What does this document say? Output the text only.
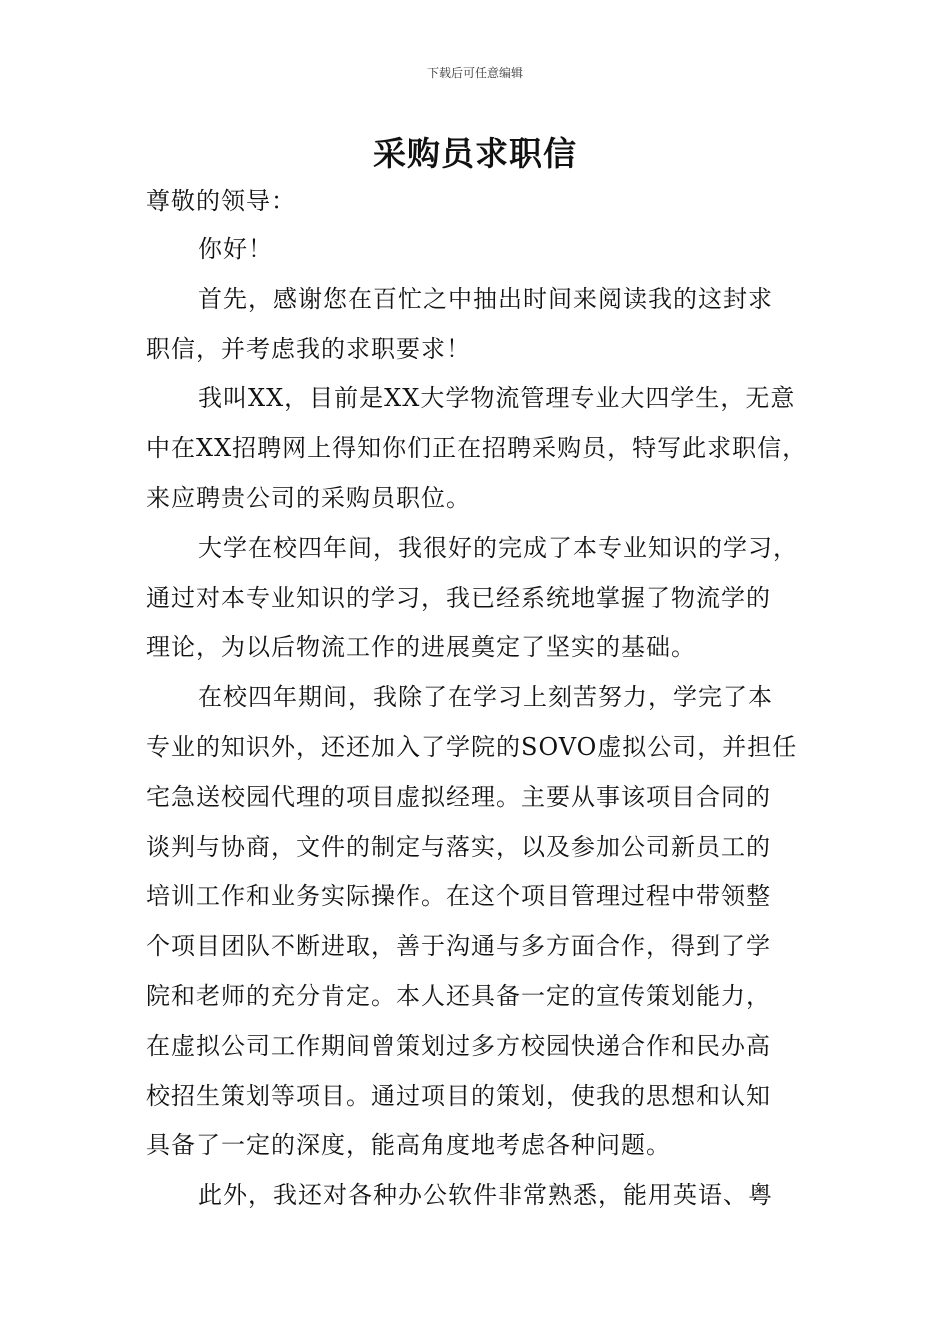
下载后可任意编辑
采购员求职信
尊敬的领导：
你好！
首先，感谢您在百忙之中抽出时间来阅读我的这封求
职信，并考虑我的求职要求！
我叫XX，目前是XX大学物流管理专业大四学生，无意
中在XX招聘网上得知你们正在招聘采购员，特写此求职信，
来应聘贵公司的采购员职位。
大学在校四年间，我很好的完成了本专业知识的学习，
通过对本专业知识的学习，我已经系统地掌握了物流学的
理论，为以后物流工作的进展奠定了坚实的基础。
在校四年期间，我除了在学习上刻苦努力，学完了本
专业的知识外，还还加入了学院的SOVO虚拟公司，并担任
宅急送校园代理的项目虚拟经理。主要从事该项目合同的
谈判与协商，文件的制定与落实，以及参加公司新员工的
培训工作和业务实际操作。在这个项目管理过程中带领整
个项目团队不断进取，善于沟通与多方面合作，得到了学
院和老师的充分肯定。本人还具备一定的宣传策划能力，
在虚拟公司工作期间曾策划过多方校园快递合作和民办高
校招生策划等项目。通过项目的策划，使我的思想和认知
具备了一定的深度，能高角度地考虑各种问题。
此外，我还对各种办公软件非常熟悉，能用英语、粤
